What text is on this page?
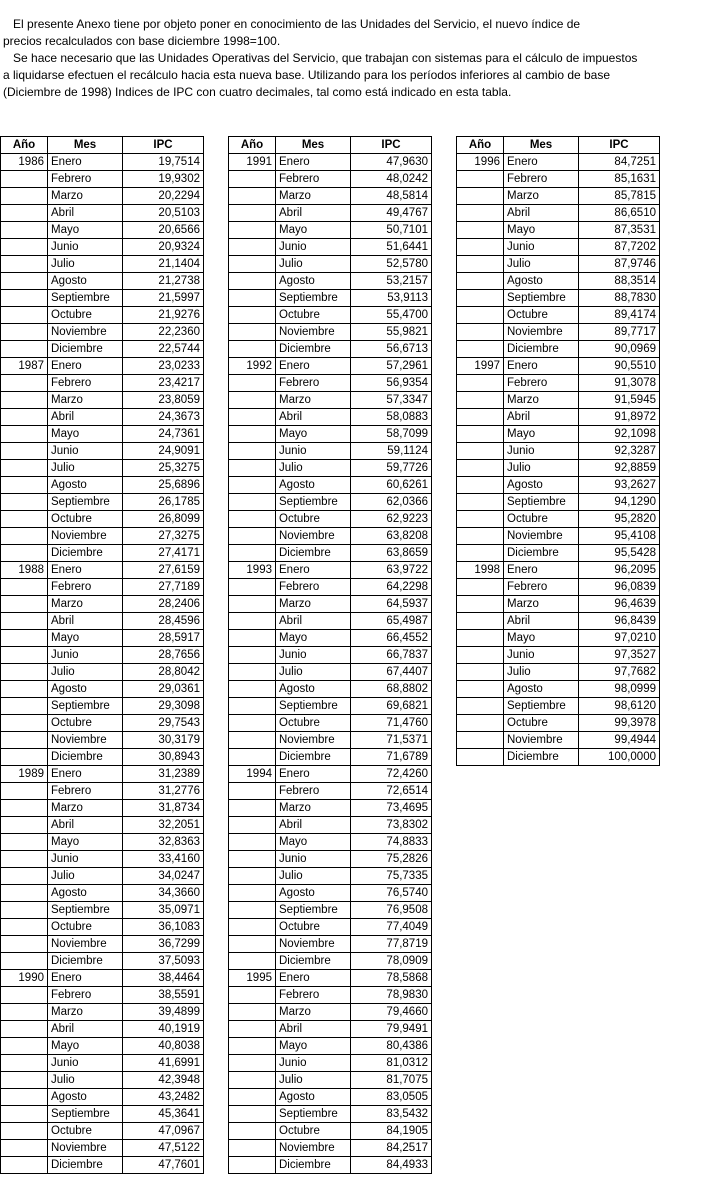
El presente Anexo tiene por objeto poner en conocimiento de las Unidades del Servicio, el nuevo índice de
precios recalculados con base diciembre 1998=100.

Se hace necesario que las Unidades Operativas del Servicio, que trabajan con sistemas para el cálculo de impuestos
a liquidarse efectuen el recálculo hacia esta nueva base. Utilizando para los períodos inferiores al cambio de base
(Diciembre de 1998) Indices de IPC con cuatro decimales, tal como está indicado en esta tabla.

Año	Mes	IPC
1986	Enero	19,7514
	Febrero	19,9302
	Marzo	20,2294
	Abril	20,5103
	Mayo	20,6566
	Junio	20,9324
	Julio	21,1404
	Agosto	21,2738
	Septiembre	21,5997
	Octubre	21,9276
	Noviembre	22,2360
	Diciembre	22,5744
1987	Enero	23,0233
	Febrero	23,4217
	Marzo	23,8059
	Abril	24,3673
	Mayo	24,7361
	Junio	24,9091
	Julio	25,3275
	Agosto	25,6896
	Septiembre	26,1785
	Octubre	26,8099
	Noviembre	27,3275
	Diciembre	27,4171
1988	Enero	27,6159
	Febrero	27,7189
	Marzo	28,2406
	Abril	28,4596
	Mayo	28,5917
	Junio	28,7656
	Julio	28,8042
	Agosto	29,0361
	Septiembre	29,3098
	Octubre	29,7543
	Noviembre	30,3179
	Diciembre	30,8943
1989	Enero	31,2389
	Febrero	31,2776
	Marzo	31,8734
	Abril	32,2051
	Mayo	32,8363
	Junio	33,4160
	Julio	34,0247
	Agosto	34,3660
	Septiembre	35,0971
	Octubre	36,1083
	Noviembre	36,7299
	Diciembre	37,5093
1990	Enero	38,4464
	Febrero	38,5591
	Marzo	39,4899
	Abril	40,1919
	Mayo	40,8038
	Junio	41,6991
	Julio	42,3948
	Agosto	43,2482
	Septiembre	45,3641
	Octubre	47,0967
	Noviembre	47,5122
	Diciembre	47,7601
Año	Mes	IPC
1991	Enero	47,9630
	Febrero	48,0242
	Marzo	48,5814
	Abril	49,4767
	Mayo	50,7101
	Junio	51,6441
	Julio	52,5780
	Agosto	53,2157
	Septiembre	53,9113
	Octubre	55,4700
	Noviembre	55,9821
	Diciembre	56,6713
1992	Enero	57,2961
	Febrero	56,9354
	Marzo	57,3347
	Abril	58,0883
	Mayo	58,7099
	Junio	59,1124
	Julio	59,7726
	Agosto	60,6261
	Septiembre	62,0366
	Octubre	62,9223
	Noviembre	63,8208
	Diciembre	63,8659
1993	Enero	63,9722
	Febrero	64,2298
	Marzo	64,5937
	Abril	65,4987
	Mayo	66,4552
	Junio	66,7837
	Julio	67,4407
	Agosto	68,8802
	Septiembre	69,6821
	Octubre	71,4760
	Noviembre	71,5371
	Diciembre	71,6789
1994	Enero	72,4260
	Febrero	72,6514
	Marzo	73,4695
	Abril	73,8302
	Mayo	74,8833
	Junio	75,2826
	Julio	75,7335
	Agosto	76,5740
	Septiembre	76,9508
	Octubre	77,4049
	Noviembre	77,8719
	Diciembre	78,0909
1995	Enero	78,5868
	Febrero	78,9830
	Marzo	79,4660
	Abril	79,9491
	Mayo	80,4386
	Junio	81,0312
	Julio	81,7075
	Agosto	83,0505
	Septiembre	83,5432
	Octubre	84,1905
	Noviembre	84,2517
	Diciembre	84,4933
Año	Mes	IPC
1996	Enero	84,7251
	Febrero	85,1631
	Marzo	85,7815
	Abril	86,6510
	Mayo	87,3531
	Junio	87,7202
	Julio	87,9746
	Agosto	88,3514
	Septiembre	88,7830
	Octubre	89,4174
	Noviembre	89,7717
	Diciembre	90,0969
1997	Enero	90,5510
	Febrero	91,3078
	Marzo	91,5945
	Abril	91,8972
	Mayo	92,1098
	Junio	92,3287
	Julio	92,8859
	Agosto	93,2627
	Septiembre	94,1290
	Octubre	95,2820
	Noviembre	95,4108
	Diciembre	95,5428
1998	Enero	96,2095
	Febrero	96,0839
	Marzo	96,4639
	Abril	96,8439
	Mayo	97,0210
	Junio	97,3527
	Julio	97,7682
	Agosto	98,0999
	Septiembre	98,6120
	Octubre	99,3978
	Noviembre	99,4944
	Diciembre	100,0000
